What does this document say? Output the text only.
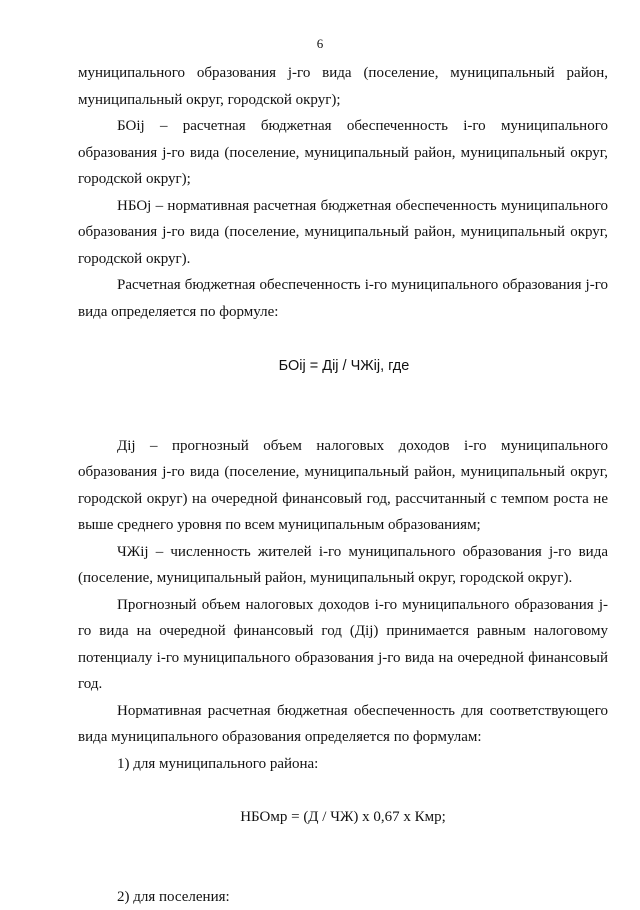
6

муниципального образования j-го вида (поселение, муниципальный район, муниципальный округ, городской округ);

БОij – расчетная бюджетная обеспеченность i-го муниципального образования j-го вида (поселение, муниципальный район, муниципальный округ, городской округ);

НБОj – нормативная расчетная бюджетная обеспеченность муниципального образования j-го вида (поселение, муниципальный район, муниципальный округ, городской округ).

Расчетная бюджетная обеспеченность i-го муниципального образования j-го вида определяется по формуле:

БОij = Дij / ЧЖij, где

Дij – прогнозный объем налоговых доходов i-го муниципального образования j-го вида (поселение, муниципальный район, муниципальный округ, городской округ) на очередной финансовый год, рассчитанный с темпом роста не выше среднего уровня по всем муниципальным образованиям;

ЧЖij – численность жителей i-го муниципального образования j-го вида (поселение, муниципальный район, муниципальный округ, городской округ).

Прогнозный объем налоговых доходов i-го муниципального образования j-го вида на очередной финансовый год (Дij) принимается равным налоговому потенциалу i-го муниципального образования j-го вида на очередной финансовый год.

Нормативная расчетная бюджетная обеспеченность для соответствующего вида муниципального образования определяется по формулам:

1) для муниципального района:

НБОмр = (Д / ЧЖ) x 0,67 x Кмр;

2) для поселения:
